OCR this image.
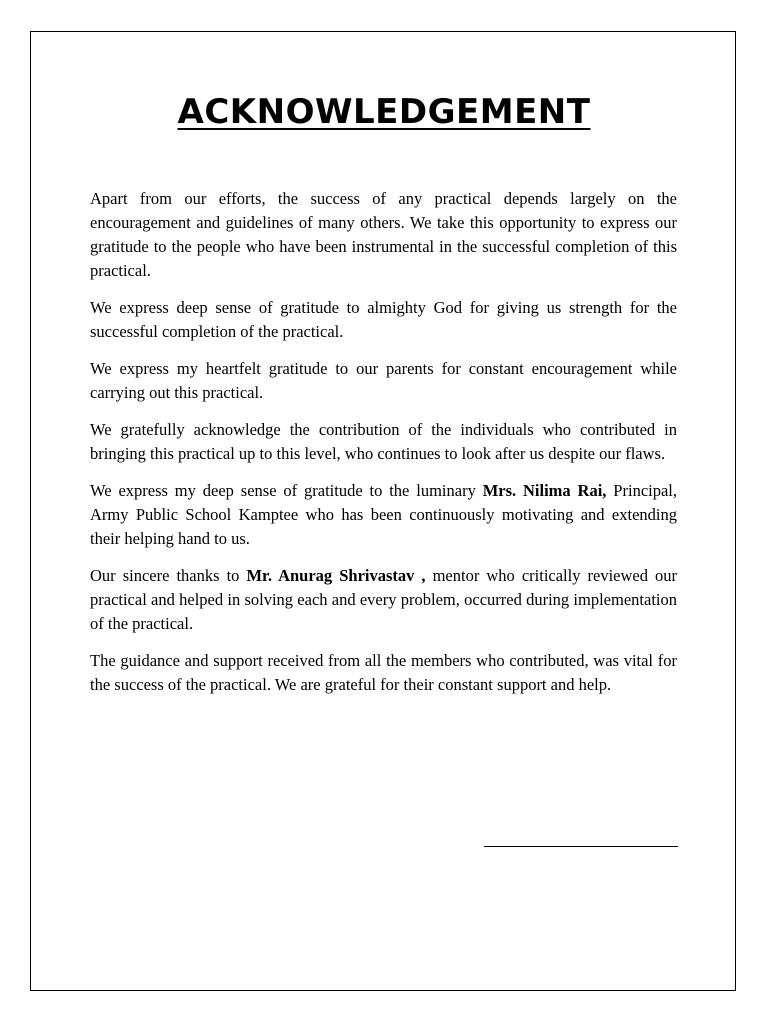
ACKNOWLEDGEMENT

Apart from our efforts, the success of any practical depends largely on the encouragement and guidelines of many others. We take this opportunity to express our gratitude to the people who have been instrumental in the successful completion of this practical.

We express deep sense of gratitude to almighty God for giving us strength for the successful completion of the practical.

We express my heartfelt gratitude to our parents for constant encouragement while carrying out this practical.

We gratefully acknowledge the contribution of the individuals who contributed in bringing this practical up to this level, who continues to look after us despite our flaws.

We express my deep sense of gratitude to the luminary Mrs. Nilima Rai, Principal, Army Public School Kamptee who has been continuously motivating and extending their helping hand to us.

Our sincere thanks to Mr. Anurag Shrivastav , mentor who critically reviewed our practical and helped in solving each and every problem, occurred during implementation of the practical.

The guidance and support received from all the members who contributed, was vital for the success of the practical. We are grateful for their constant support and help.
